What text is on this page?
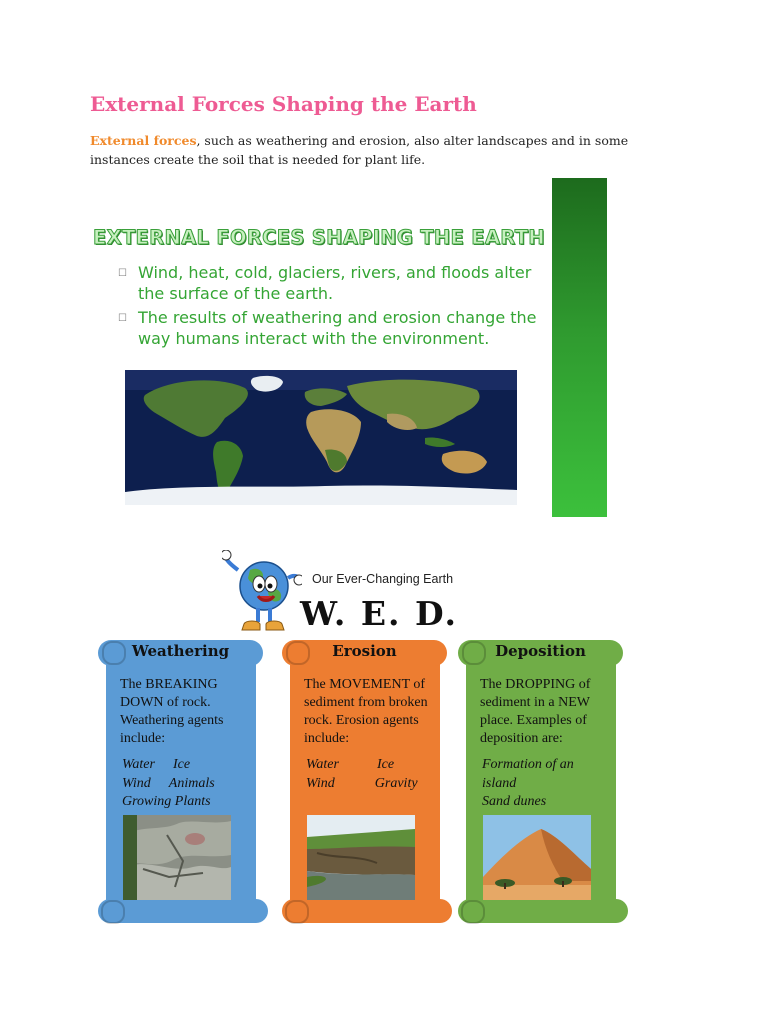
External Forces Shaping the Earth
External forces, such as weathering and erosion, also alter landscapes and in some instances create the soil that is needed for plant life.
EXTERNAL FORCES SHAPING THE EARTH
☐ Wind, heat, cold, glaciers, rivers, and floods alter the surface of the earth.
☐ The results of weathering and erosion change the way humans interact with the environment.
Our Ever-Changing Earth
W. E. D.
Weathering
The BREAKING DOWN of rock. Weathering agents include:
Water Ice
Wind Animals
Growing Plants
Erosion
The MOVEMENT of sediment from broken rock. Erosion agents include:
Water	Ice
Wind	Gravity
Deposition
The DROPPING of sediment in a NEW place. Examples of deposition are:
Formation of an
island
Sand dunes
